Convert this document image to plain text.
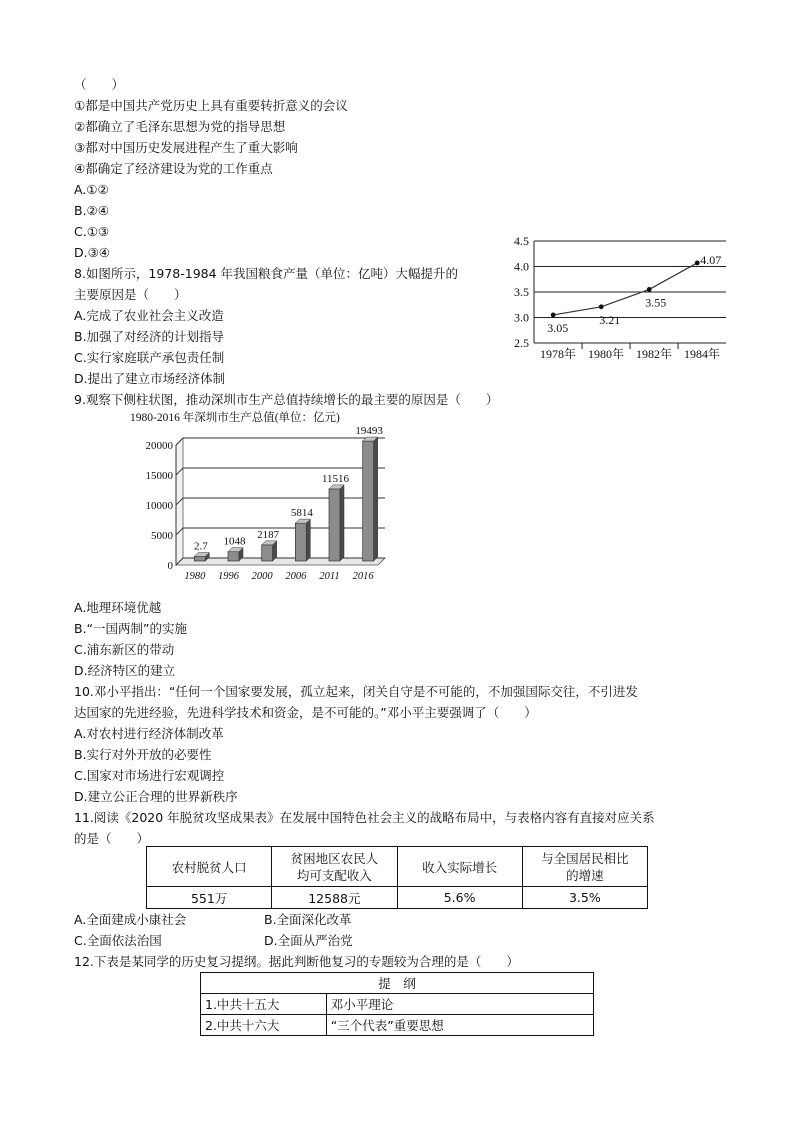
（　　）
①都是中国共产党历史上具有重要转折意义的会议
②都确立了毛泽东思想为党的指导思想
③都对中国历史发展进程产生了重大影响
④都确定了经济建设为党的工作重点
A.①②
B.②④
C.①③
D.③④
8.如图所示，1978-1984 年我国粮食产量（单位：亿吨）大幅提升的
主要原因是（　　）
A.完成了农业社会主义改造
B.加强了对经济的计划指导
C.实行家庭联产承包责任制
D.提出了建立市场经济体制
2.5
3.0
3.5
4.0
4.5
3.05
3.21
3.55
4.07
1978年 1980年 1982年 1984年
9.观察下侧柱状图，推动深圳市生产总值持续增长的最主要的原因是（　　）
1980-2016 年深圳市生产总值(单位：亿元)
0
5000
10000
15000
20000
2.7
1980
1048
1996
2187
2000
5814
2006
11516
2011
19493
2016
A.地理环境优越
B.“一国两制”的实施
C.浦东新区的带动
D.经济特区的建立
10.邓小平指出：“任何一个国家要发展，孤立起来，闭关自守是不可能的，不加强国际交往，不引进发
达国家的先进经验，先进科学技术和资金，是不可能的。”邓小平主要强调了（　　）
A.对农村进行经济体制改革
B.实行对外开放的必要性
C.国家对市场进行宏观调控
D.建立公正合理的世界新秩序
11.阅读《2020 年脱贫攻坚成果表》在发展中国特色社会主义的战略布局中，与表格内容有直接对应关系
的是（　　）
农村脱贫人口	贫困地区农民人
均可支配收入	收入实际增长	与全国居民相比
的增速
551万	12588元	5.6%	3.5%
A.全面建成小康社会	B.全面深化改革
C.全面依法治国	D.全面从严治党
12.下表是某同学的历史复习提纲。据此判断他复习的专题较为合理的是（　　）
提　纲	
1.中共十五大	邓小平理论
2.中共十六大	“三个代表”重要思想
